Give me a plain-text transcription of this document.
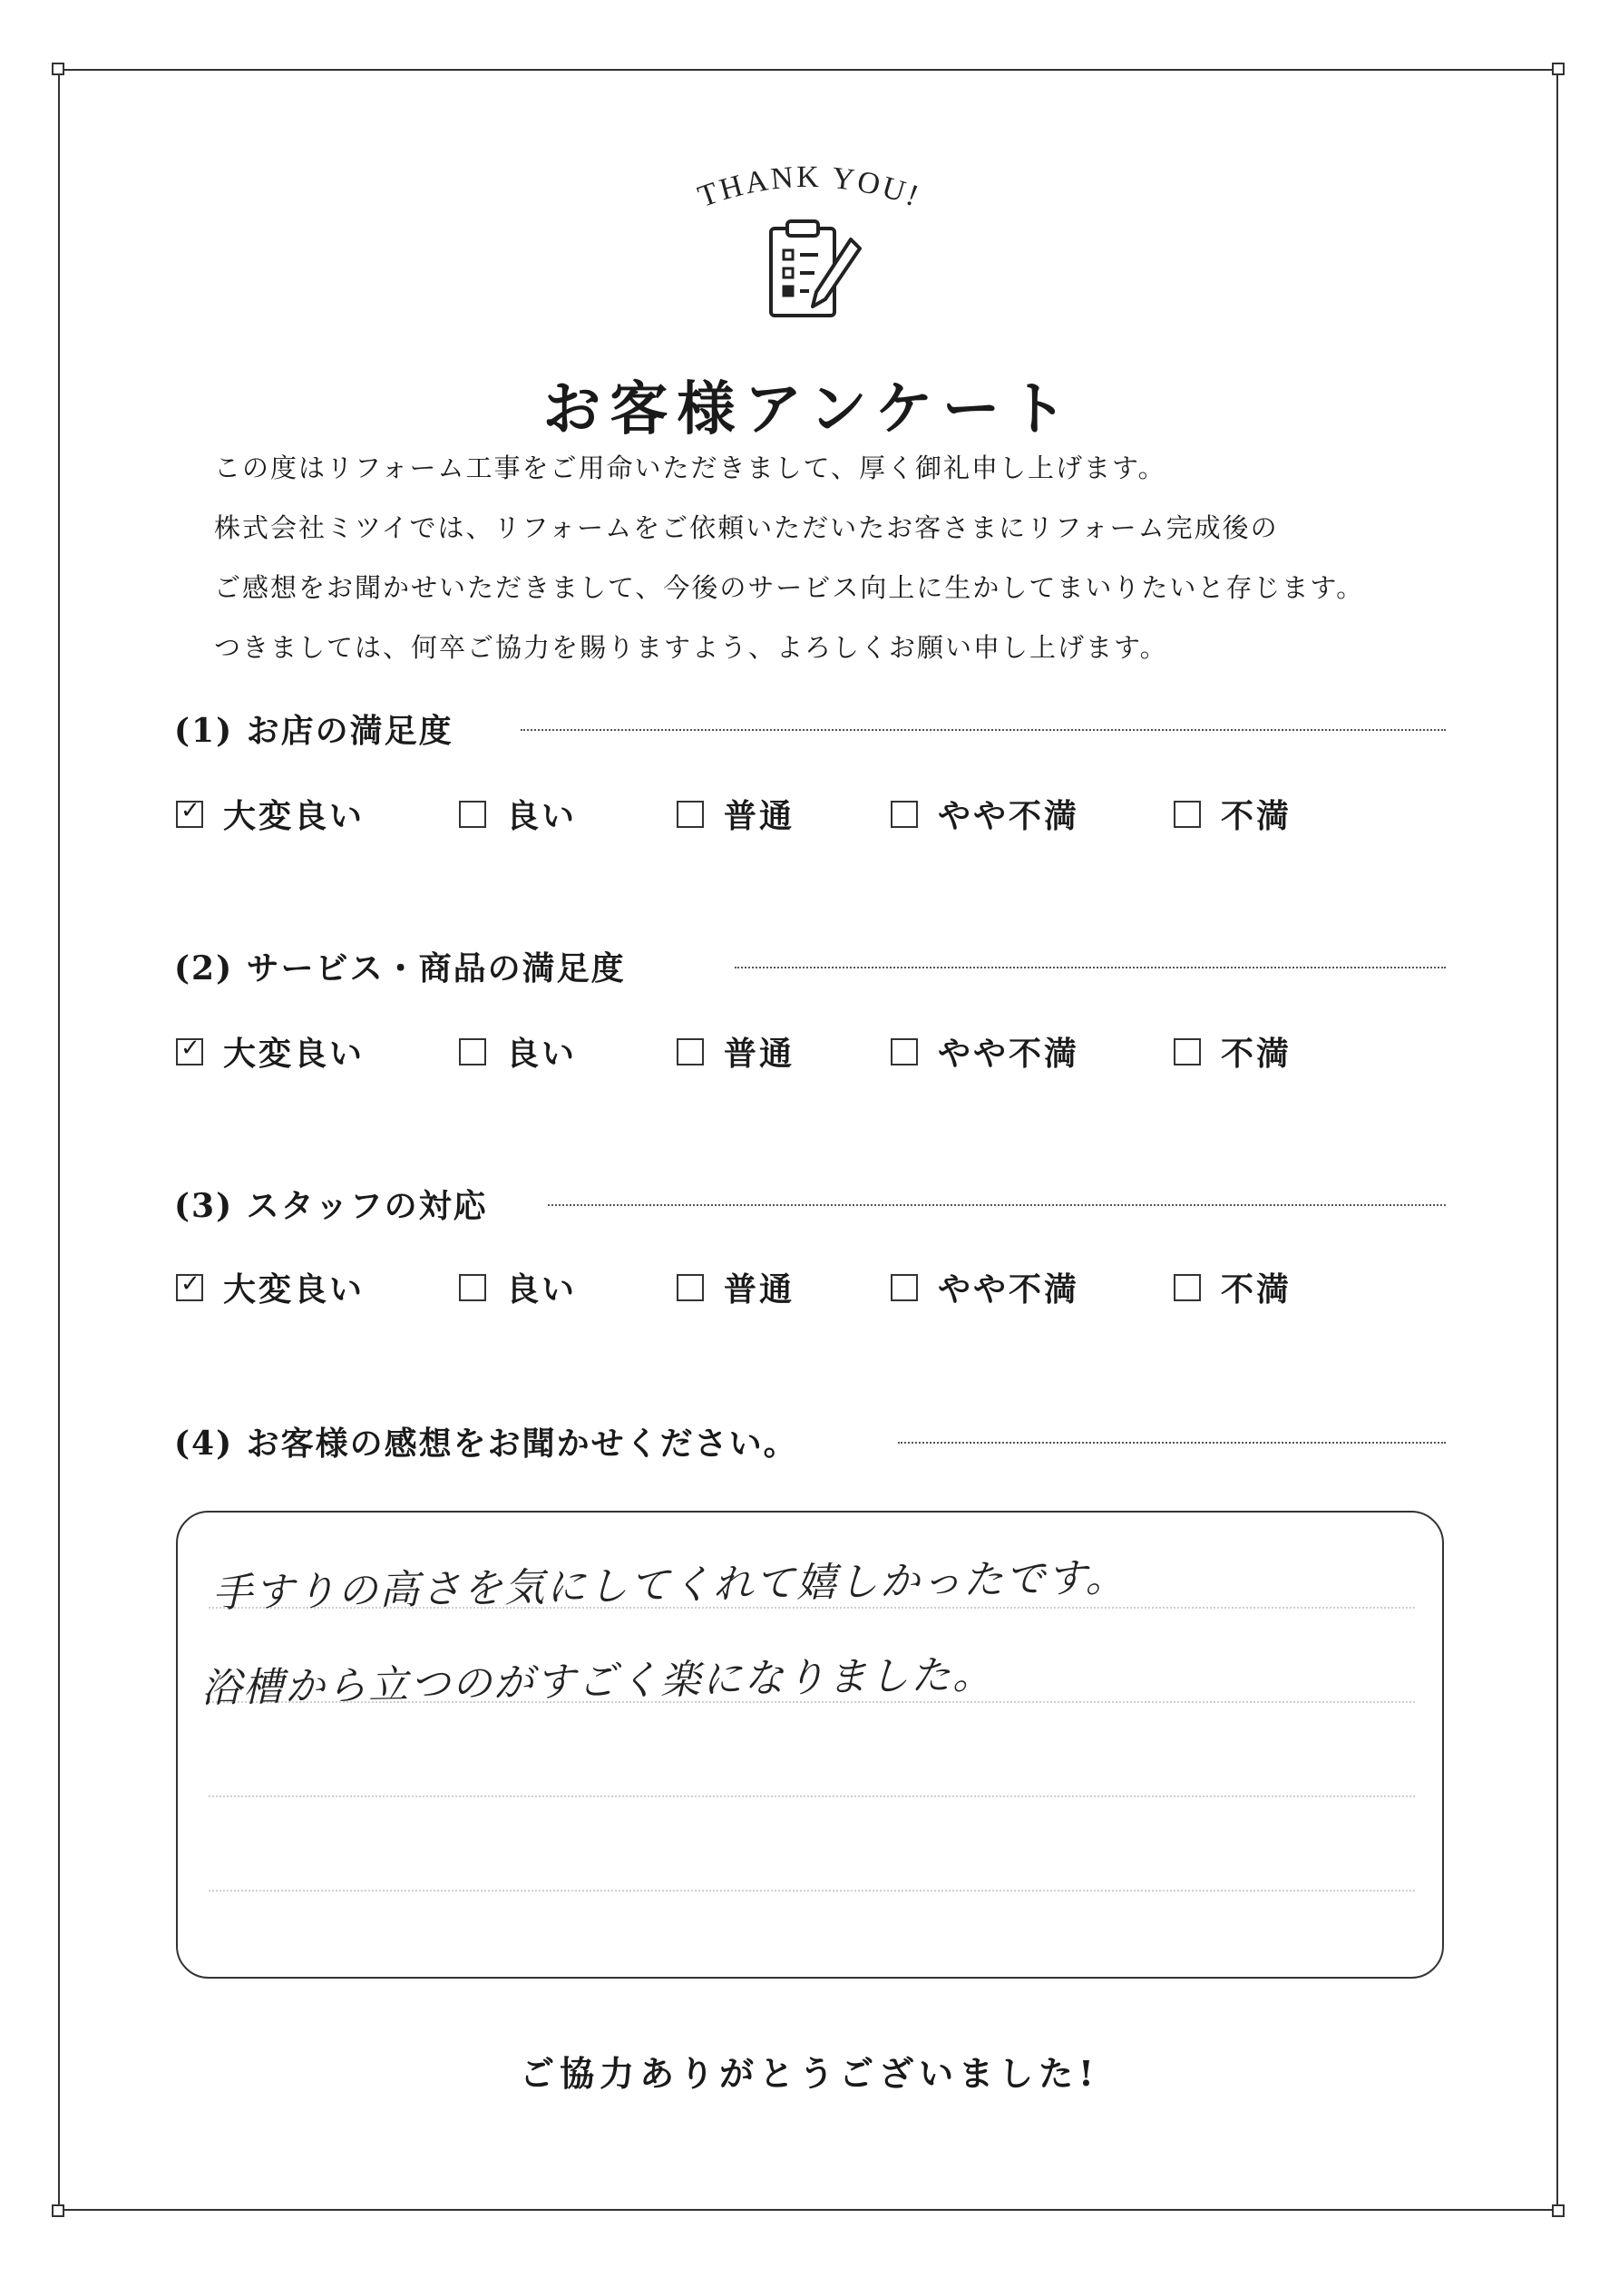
THANK YOU!
お客様アンケート
この度はリフォーム工事をご用命いただきまして、厚く御礼申し上げます。
株式会社ミツイでは、リフォームをご依頼いただいたお客さまにリフォーム完成後の
ご感想をお聞かせいただきまして、今後のサービス向上に生かしてまいりたいと存じます。
つきましては、何卒ご協力を賜りますよう、よろしくお願い申し上げます。
(1) お店の満足度
✓ 大変良い	良い	普通	やや不満	不満
(2) サービス・商品の満足度
✓ 大変良い	良い	普通	やや不満	不満
(3) スタッフの対応
✓ 大変良い	良い	普通	やや不満	不満
(4) お客様の感想をお聞かせください。
手すりの高さを気にしてくれて嬉しかったです。
浴槽から立つのがすごく楽になりました。
ご協力ありがとうございました!
